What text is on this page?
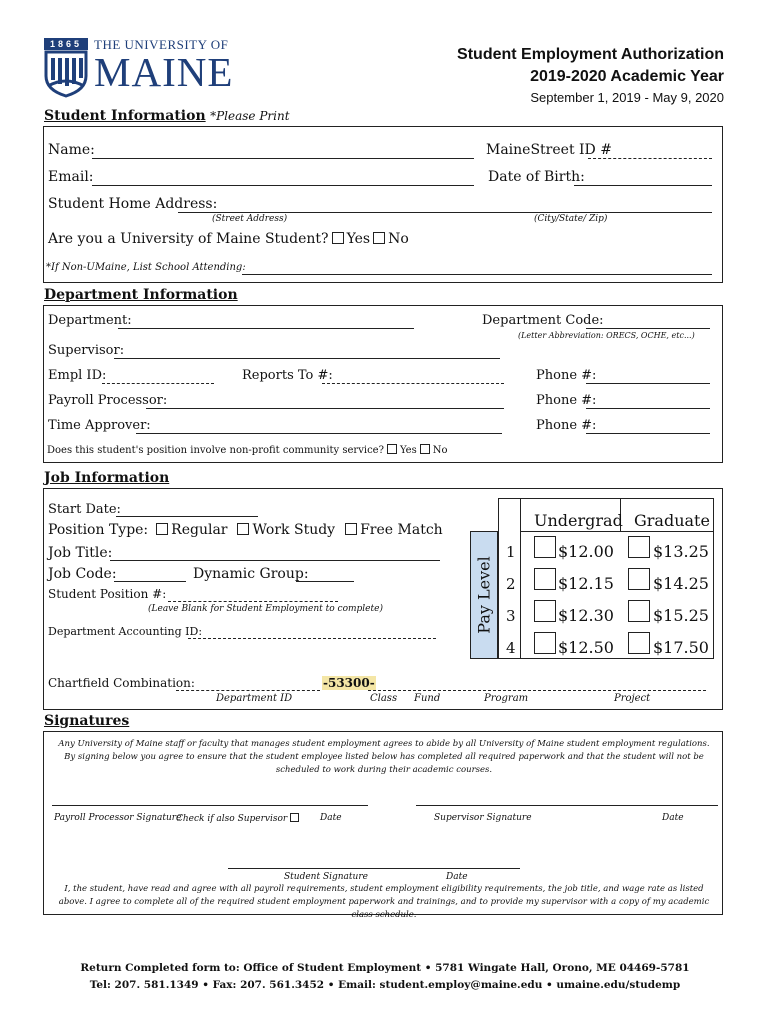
1865 THE UNIVERSITY OF
MAINE	Student Employment Authorization
2019-2020 Academic Year
September 1, 2019 - May 9, 2020
Student Information *Please Print
Name:	MaineStreet ID #
Email:	Date of Birth:
Student Home Address:
(Street Address)	(City/State/ Zip)
Are you a University of Maine Student? Yes No
*If Non-UMaine, List School Attending:
Department Information
Department:	Department Code:
(Letter Abbreviation: ORECS, OCHE, etc...)
Supervisor:
Empl ID:	Reports To #:	Phone #:
Payroll Processor:	Phone #:
Time Approver:	Phone #:
Does this student's position involve non-profit community service? Yes No
Job Information
Start Date:
Position Type: Regular Work Study Free Match
Job Title:
Job Code:	Dynamic Group:
Student Position #:
(Leave Blank for Student Employment to complete)
Department Accounting ID:	Pay Level
Undergrad Graduate
1	$12.00 $13.25
2	$12.15 $14.25
3	$12.30 $15.25
4	$12.50 $17.50
Chartfield Combination:	-53300-
Department ID	Class Fund	Program	Project
Signatures
Any University of Maine staff or faculty that manages student employment agrees to abide by all University of Maine student employment regulations. By signing below you agree to ensure that the student employee listed below has completed all required paperwork and that the student will not be scheduled to work during their academic courses.
Payroll Processor Signature
Check if also Supervisor	Date	Supervisor Signature	Date
Student Signature	Date
I, the student, have read and agree with all payroll requirements, student employment eligibility requirements, the job title, and wage rate as listed above. I agree to complete all of the required student employment paperwork and trainings, and to provide my supervisor with a copy of my academic class schedule.
Return Completed form to: Office of Student Employment • 5781 Wingate Hall, Orono, ME 04469-5781
Tel: 207. 581.1349 • Fax: 207. 561.3452 • Email: student.employ@maine.edu • umaine.edu/studemp
